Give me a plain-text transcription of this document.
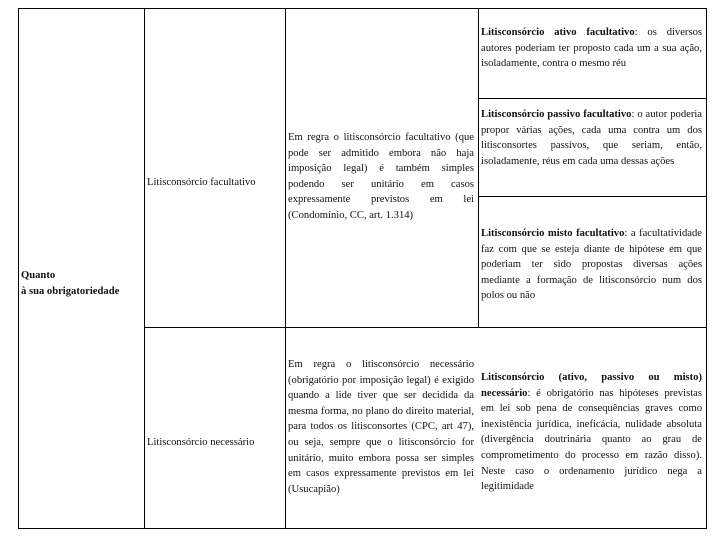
Quanto
à sua obrigatoriedade
Litisconsórcio facultativo
Litisconsórcio necessário
Em regra o litisconsórcio facultativo (que pode ser admitido embora não haja imposição legal) é também simples podendo ser unitário em casos expressamente previstos em lei (Condomínio, CC, art. 1.314)
Em regra o litisconsórcio necessário (obrigatório por imposição legal) é exigido quando a lide tiver que ser decidida da mesma forma, no plano do direito material, para todos os litisconsortes (CPC, art 47), ou seja, sempre que o litisconsórcio for unitário, muito embora possa ser simples em casos expressamente previstos em lei (Usucapião)
Litisconsórcio ativo facultativo: os diversos autores poderiam ter proposto cada um a sua ação, isoladamente, contra o mesmo réu
Litisconsórcio passivo facultativo: o autor poderia propor várias ações, cada uma contra um dos litisconsortes passivos, que seriam, então, isoladamente, réus em cada uma dessas ações
Litisconsórcio misto facultativo: a facultatividade faz com que se esteja diante de hipótese em que poderiam ter sido propostas diversas ações mediante a formação de litisconsórcio num dos polos ou não
Litisconsórcio (ativo, passivo ou misto) necessário: é obrigatório nas hipóteses previstas em lei sob pena de consequências graves como inexistência jurídica, ineficácia, nulidade absoluta (divergência doutrinária quanto ao grau de comprometimento do processo em razão disso). Neste caso o ordenamento jurídico nega a legitimidade
